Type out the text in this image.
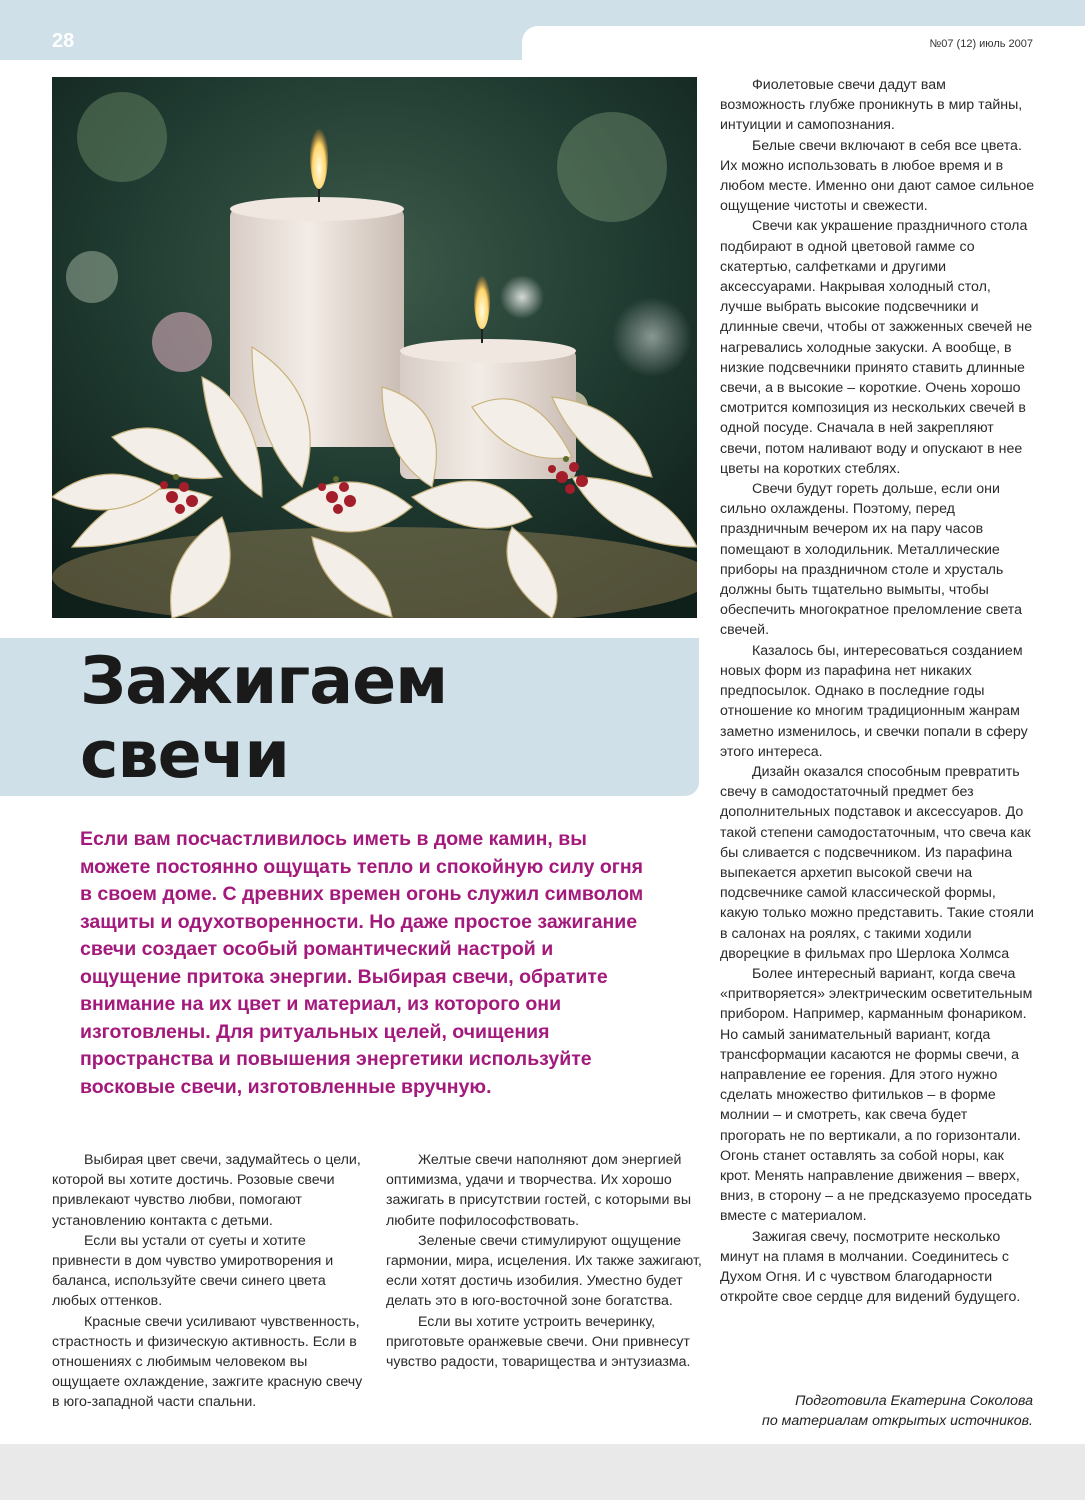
28	№07 (12) июль 2007
Зажигаем
свечи

Если вам посчастливилось иметь в доме камин, вы можете постоянно ощущать тепло и спокойную силу огня в своем доме. С древних времен огонь служил символом защиты и одухотворенности. Но даже простое зажигание свечи создает особый романтический настрой и ощущение притока энергии. Выбирая свечи, обратите внимание на их цвет и материал, из которого они изготовлены. Для ритуальных целей, очищения пространства и повышения энергетики используйте восковые свечи, изготовленные вручную.

Выбирая цвет свечи, задумайтесь о цели, которой вы хотите достичь. Розовые свечи привлекают чувство любви, помогают установлению контакта с детьми.

Если вы устали от суеты и хотите привнести в дом чувство умиротворения и баланса, используйте свечи синего цвета любых оттенков.

Красные свечи усиливают чувственность, страстность и физическую активность. Если в отношениях с любимым человеком вы ощущаете охлаждение, зажгите красную свечу в юго-западной части спальни.

Желтые свечи наполняют дом энергией оптимизма, удачи и творчества. Их хорошо зажигать в присутствии гостей, с которыми вы любите пофилософствовать.

Зеленые свечи стимулируют ощущение гармонии, мира, исцеления. Их также зажигают, если хотят достичь изобилия. Уместно будет делать это в юго-восточной зоне богатства.

Если вы хотите устроить вечеринку, приготовьте оранжевые свечи. Они привнесут чувство радости, товарищества и энтузиазма.

Фиолетовые свечи дадут вам возможность глубже проникнуть в мир тайны, интуиции и самопознания.

Белые свечи включают в себя все цвета. Их можно использовать в любое время и в любом месте. Именно они дают самое сильное ощущение чистоты и свежести.

Свечи как украшение праздничного стола подбирают в одной цветовой гамме со скатертью, салфетками и другими аксессуарами. Накрывая холодный стол, лучше выбрать высокие подсвечники и длинные свечи, чтобы от зажженных свечей не нагревались холодные закуски. А вообще, в низкие подсвечники принято ставить длинные свечи, а в высокие – короткие. Очень хорошо смотрится композиция из нескольких свечей в одной посуде. Сначала в ней закрепляют свечи, потом наливают воду и опускают в нее цветы на коротких стеблях.

Свечи будут гореть дольше, если они сильно охлаждены. Поэтому, перед праздничным вечером их на пару часов помещают в холодильник. Металлические приборы на праздничном столе и хрусталь должны быть тщательно вымыты, чтобы обеспечить многократное преломление света свечей.

Казалось бы, интересоваться созданием новых форм из парафина нет никаких предпосылок. Однако в последние годы отношение ко многим традиционным жанрам заметно изменилось, и свечки попали в сферу этого интереса.

Дизайн оказался способным превратить свечу в самодостаточный предмет без дополнительных подставок и аксессуаров. До такой степени самодостаточным, что свеча как бы сливается с подсвечником. Из парафина выпекается архетип высокой свечи на подсвечнике самой классической формы, какую только можно представить. Такие стояли в салонах на роялях, с такими ходили дворецкие в фильмах про Шерлока Холмса

Более интересный вариант, когда свеча «притворяется» электрическим осветительным прибором. Например, карманным фонариком. Но самый занимательный вариант, когда трансформации касаются не формы свечи, а направление ее горения. Для этого нужно сделать множество фитильков – в форме молнии – и смотреть, как свеча будет прогорать не по вертикали, а по горизонтали. Огонь станет оставлять за собой норы, как крот. Менять направление движения – вверх, вниз, в сторону – а не предсказуемо проседать вместе с материалом.

Зажигая свечу, посмотрите несколько минут на пламя в молчании. Соединитесь с Духом Огня. И с чувством благодарности откройте свое сердце для видений будущего.

Подготовила Екатерина Соколова
по материалам открытых источников.
